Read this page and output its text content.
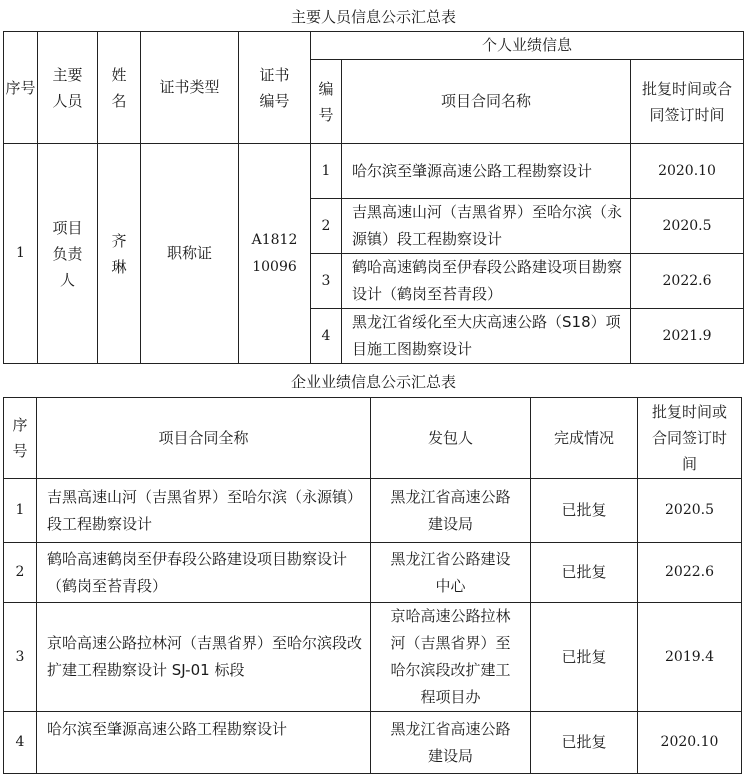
主要人员信息公示汇总表
序号	主要人员	姓名	证书类型	证书编号	个人业绩信息		
					编号	项目合同名称	批复时间或合同签订时间
1	项目负责人	齐琳	职称证	A181210096	1	哈尔滨至肇源高速公路工程勘察设计	2020.10
					2	吉黑高速山河（吉黑省界）至哈尔滨（永源镇）段工程勘察设计	2020.5
					3	鹤哈高速鹤岗至伊春段公路建设项目勘察设计（鹤岗至苔青段）	2022.6
					4	黑龙江省绥化至大庆高速公路（S18）项目施工图勘察设计	2021.9
企业业绩信息公示汇总表
序号	项目合同全称	发包人	完成情况	批复时间或合同签订时间
1	吉黑高速山河（吉黑省界）至哈尔滨（永源镇）段工程勘察设计	黑龙江省高速公路建设局	已批复	2020.5
2	鹤哈高速鹤岗至伊春段公路建设项目勘察设计（鹤岗至苔青段）	黑龙江省公路建设中心	已批复	2022.6
3	京哈高速公路拉林河（吉黑省界）至哈尔滨段改扩建工程勘察设计 SJ-01 标段	京哈高速公路拉林河（吉黑省界）至哈尔滨段改扩建工程项目办	已批复	2019.4
4	哈尔滨至肇源高速公路工程勘察设计	黑龙江省高速公路建设局	已批复	2020.10
